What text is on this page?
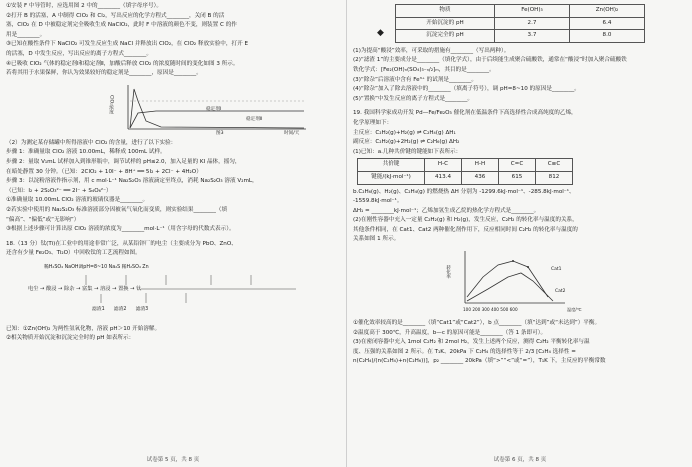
①安装 F 中导管时，应选用图 2 中的________（填字母序号）。
②打开 B 的活塞，A 中制得 ClO₂ 和 Cl₂，写出反应的化学方程式________，关闭 B 的活
塞，ClO₂ 在 D 中被稳定剂完全吸收生成 NaClO₂，此时 F 中溶液的颜色不变，则装置 C 的作
用是________。
③已知在酸性条件下 NaClO₂ 可发生反应生成 NaCl 并释放出 ClO₂，在 ClO₂ 释放实验中，打开 E
的活塞，D 中发生反应，写出反应的离子方程式________。
④已吸收 ClO₂ 气体的稳定剂Ⅰ和稳定剂Ⅱ，加酸后释放 ClO₂ 的浓度随时间的变化如图 3 所示。
若将其用于水果保鲜，你认为效果较好的稳定剂是________，原因是________。
ClO₂浓度	稳定剂Ⅰ
稳定剂Ⅱ
时间/天
图3
（2）为测定某存储罐中所得溶液中 ClO₂ 的含量，进行了以下实验：
步骤 1：准确量取 ClO₂ 溶液 10.00mL，稀释成 100mL 试样。
步骤 2：量取 V₁mL 试样加入到锥形瓶中，调节试样的 pH≤2.0，加入足量的 KI 晶体，摇匀，
在暗处静置 30 分钟。（已知：2ClO₂ + 10I⁻ + 8H⁺ ══ 5I₂ + 2Cl⁻ + 4H₂O）
步骤 3：以淀粉溶液作指示剂，用 c mol·L⁻¹ Na₂S₂O₃ 溶液滴定至终点，消耗 Na₂S₂O₃ 溶液 V₂mL，
（已知：I₂ + 2S₂O₃²⁻ ══ 2I⁻ + S₄O₆²⁻）
①准确量取 10.00mL ClO₂ 溶液的玻璃仪器是________。
②若实验中使用的 Na₂S₂O₃ 标准溶液部分因被氧气氧化而变质，则实验结果________（填
“偏高”、“偏低”或“无影响”）
③根据上述步骤可计算出原 ClO₂ 溶液的浓度为________mol·L⁻¹（用含字母的代数式表示）。
18.（13 分）钛(Ti)在工业中的用途非常广泛，从某铅锌厂的电尘（主要成分为 PbO、ZnO、
还含有少量 Fe₂O₃、Ti₂O）中回收钛的工艺流程如图。
稀H₂SO₄ NaOH调pH=8~10 Na₂S 稀H₂SO₄ Zn
电尘 → 酸浸 → 除杂 → 富集 → 溶浸 → 置换 → 钛
滤渣1      滤渣2      滤渣3
已知：①Zn(OH)₂ 为两性氢氧化物，溶液 pH＞10 开始溶解。
②相关物质开始沉淀和沉淀完全时的 pH 如表所示：
试卷第 5 页，共 8 页
◆
物质	Fe(OH)₃	Zn(OH)₂
开始沉淀的 pH	2.7	6.4
沉淀完全的 pH	3.7	8.0
(1)为提高“酸浸”效率，可采取的措施有________（写出两种）。
(2)“滤渣 1”的主要成分是________（填化学式），由于后续能生成聚合硫酸铁，通常在“酸浸”时加入聚合硫酸铁
铁化学式：[Fe₂(OH)ₙ(SO₄)₃₋ₙ/₂]ₘ，其目的是________。
(3)“除杂”后溶液中含有 Fe³⁺ 的试剂是________。
(4)“除杂”加入了除去溶液中的________（填离子符号），调 pH=8~10 的原因是________。
(5)“置换”中发生反应的离子方程式是________。
19. 我国科学家成功开发 Pd—Fe/Fe₂O₃ 催化剂在低温条件下高选择性合成高纯度的乙烯，
化学原理如下：
主反应：C₂H₂(g)+H₂(g) ⇌ C₂H₄(g) ΔH₁
副反应：C₂H₂(g)+2H₂(g) ⇌ C₂H₆(g) ΔH₂
(1)已知：a.几种共价键的键能如下表所示：
共价键	H-C	H-H	C=C	C≡C
键能/(kJ·mol⁻¹)	413.4	436	615	812
b.C₂H₆(g)、H₂(g)、C₂H₄(g) 的燃烧热 ΔH 分别为 -1299.6kJ·mol⁻¹、-285.8kJ·mol⁻¹、
-1559.8kJ·mol⁻¹。
ΔH₁ = ________kJ·mol⁻¹；乙烯加氢生成乙烷的热化学方程式是________。
(2)在刚性容器中充入一定量 C₂H₂(g) 和 H₂(g)，发生反应，C₂H₂ 的转化率与温度的关系，
其他条件相同，在 Cat1、Cat2 两种催化剂作用下，反应相同时间 C₂H₂ 的转化率与温度的
关系如图 1 所示。
转化率	Cat1
Cat2
100 200 300 400 500 600	温度/℃
①催化效率较高的是________（填“Cat1”或“Cat2”），b 点________（填“达到”或“未达到”）平衡。
②温度高于 300℃，升高温度，b—c 的原因可能是________（答 1 条即可）。
(3)在密闭容器中充入 1mol C₂H₂ 和 2mol H₂，发生上述两个反应，测得 C₂H₂ 平衡转化率与温
度、压强的关系如图 2 所示。在 T₁K、20kPa 下 C₂H₄ 的选择性等于 2/3 [C₂H₄ 选择性 =
n(C₂H₄)/(n(C₂H₄)+n(C₂H₆))]，p₂ ________ 20kPa（填“>”“<”或“=”），T₁K 下，主反应的平衡常数
试卷第 6 页，共 8 页
